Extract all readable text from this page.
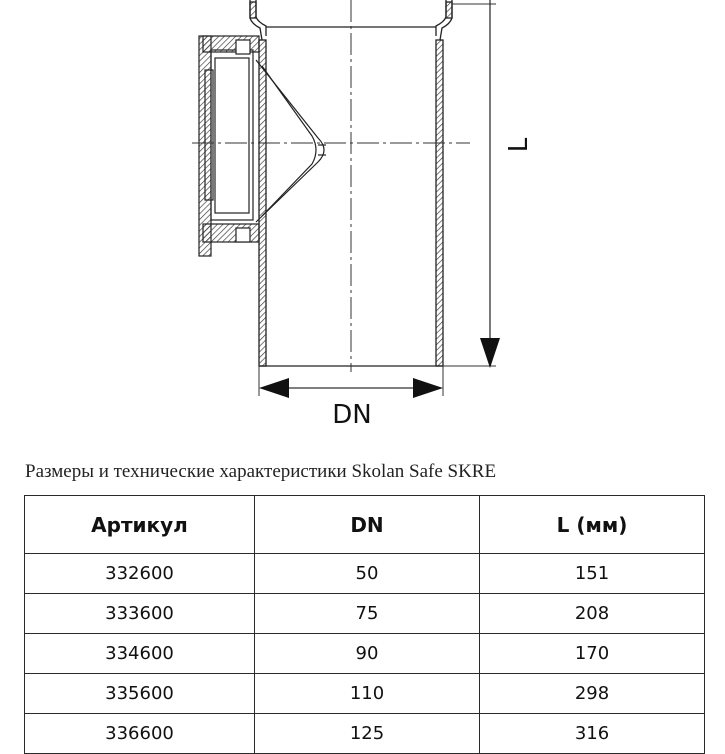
L
DN
Размеры и технические характеристики Skolan Safe SKRE
Артикул	DN	L (мм)
332600	50	151
333600	75	208
334600	90	170
335600	110	298
336600	125	316
